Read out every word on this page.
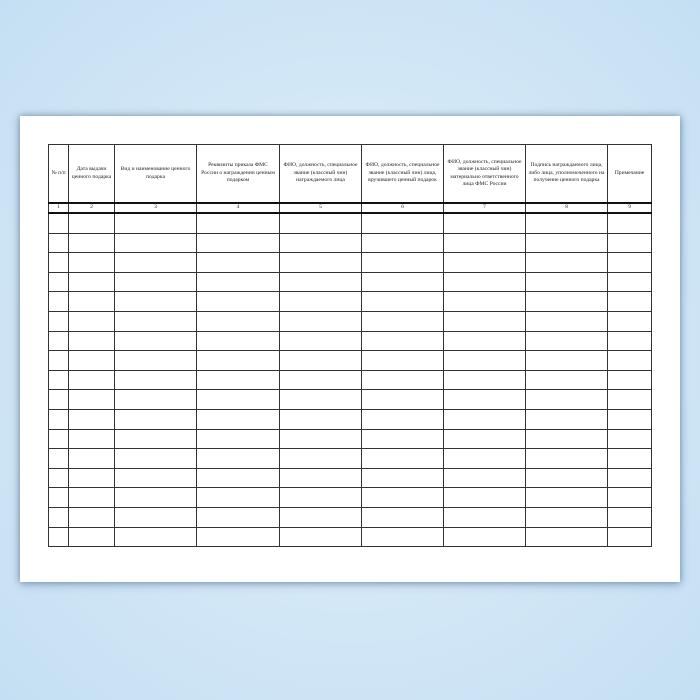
№ п/п	Дата выдачи ценного подарка	Вид и наименование ценного подарка	Реквизиты приказа ФМС России о награждении ценным подарком	ФИО, должность, специальное звание (классный чин) награждаемого лица	ФИО, должность, специальное звание (классный чин) лица, вручившего ценный подарок	ФИО, должность, специальное звание (классный чин) материально ответственного лица ФМС России	Подпись награждаемого лица, либо лица, уполномоченного на получение ценного подарка	Примечание
1	2	3	4	5	6	7	8	9
